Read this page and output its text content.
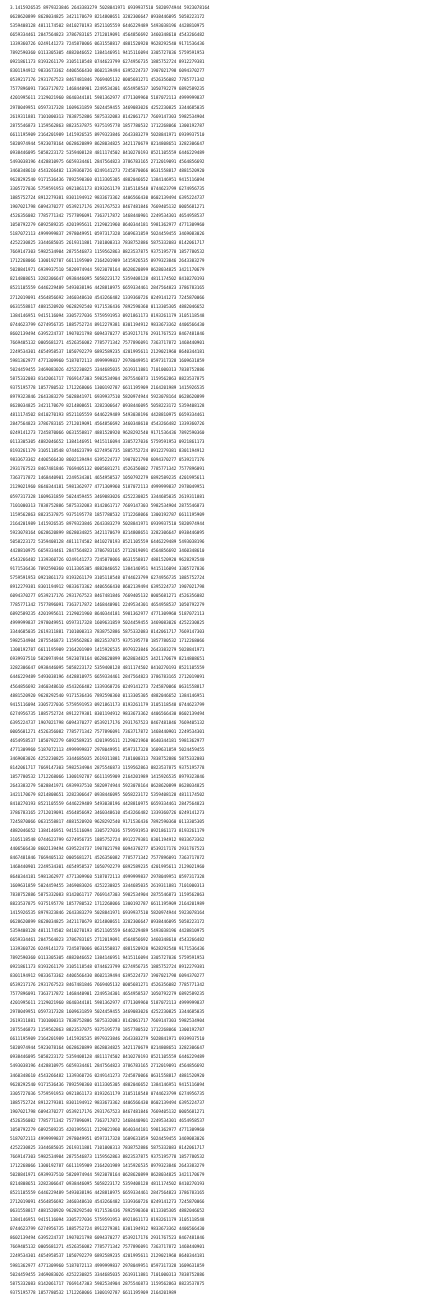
3.1415926535 8979323846 2643383279 5028841971 6939937510 5820974944 5923078164
0628620899 8628034825 3421170679 8214808651 3282306647 0938446095 5058223172
5359408128 4811174502 8410270193 8521105559 6446229489 5493038196 4428810975
6659334461 2847564823 3786783165 2712019091 4564856692 3460348610 4543266482
1339360726 0249141273 7245870066 0631558817 4881520920 9628292540 9171536436
7892590360 0113305305 4882046652 1384146951 9415116094 3305727036 5759591953
0921861173 8193261179 3105118548 0744623799 6274956735 1885752724 8912279381
8301194912 9833673362 4406566430 8602139494 6395224737 1907021798 6094370277
0539217176 2931767523 8467481846 7669405132 0005681271 4526356082 7785771342
7577896091 7363717872 1468440901 2249534301 4654958537 1050792279 6892589235
4201995611 2129021960 8640344181 5981362977 4771309960 5187072113 4999999837
2978049951 0597317328 1609631859 5024459455 3469083026 4252230825 3344685035
2619311881 7101000313 7838752886 5875332083 8142061717 7669147303 5982534904
2875546873 1159562863 8823537875 9375195778 1857780532 1712268066 1300192787
6611195909 2164201989 1415926535 8979323846 2643383279 5028841971 6939937510
5820974944 5923078164 0628620899 8628034825 3421170679 8214808651 3282306647
0938446095 5058223172 5359408128 4811174502 8410270193 8521105559 6446229489
5493038196 4428810975 6659334461 2847564823 3786783165 2712019091 4564856692
3460348610 4543266482 1339360726 0249141273 7245870066 0631558817 4881520920
9628292540 9171536436 7892590360 0113305305 4882046652 1384146951 9415116094
3305727036 5759591953 0921861173 8193261179 3105118548 0744623799 6274956735
1885752724 8912279381 8301194912 9833673362 4406566430 8602139494 6395224737
1907021798 6094370277 0539217176 2931767523 8467481846 7669405132 0005681271
4526356082 7785771342 7577896091 7363717872 1468440901 2249534301 4654958537
1050792279 6892589235 4201995611 2129021960 8640344181 5981362977 4771309960
5187072113 4999999837 2978049951 0597317328 1609631859 5024459455 3469083026
4252230825 3344685035 2619311881 7101000313 7838752886 5875332083 8142061717
7669147303 5982534904 2875546873 1159562863 8823537875 9375195778 1857780532
1712268066 1300192787 6611195909 2164201989 1415926535 8979323846 2643383279
5028841971 6939937510 5820974944 5923078164 0628620899 8628034825 3421170679
8214808651 3282306647 0938446095 5058223172 5359408128 4811174502 8410270193
8521105559 6446229489 5493038196 4428810975 6659334461 2847564823 3786783165
2712019091 4564856692 3460348610 4543266482 1339360726 0249141273 7245870066
0631558817 4881520920 9628292540 9171536436 7892590360 0113305305 4882046652
1384146951 9415116094 3305727036 5759591953 0921861173 8193261179 3105118548
0744623799 6274956735 1885752724 8912279381 8301194912 9833673362 4406566430
8602139494 6395224737 1907021798 6094370277 0539217176 2931767523 8467481846
7669405132 0005681271 4526356082 7785771342 7577896091 7363717872 1468440901
2249534301 4654958537 1050792279 6892589235 4201995611 2129021960 8640344181
5981362977 4771309960 5187072113 4999999837 2978049951 0597317328 1609631859
5024459455 3469083026 4252230825 3344685035 2619311881 7101000313 7838752886
5875332083 8142061717 7669147303 5982534904 2875546873 1159562863 8823537875
9375195778 1857780532 1712268066 1300192787 6611195909 2164201989 1415926535
8979323846 2643383279 5028841971 6939937510 5820974944 5923078164 0628620899
8628034825 3421170679 8214808651 3282306647 0938446095 5058223172 5359408128
4811174502 8410270193 8521105559 6446229489 5493038196 4428810975 6659334461
2847564823 3786783165 2712019091 4564856692 3460348610 4543266482 1339360726
0249141273 7245870066 0631558817 4881520920 9628292540 9171536436 7892590360
0113305305 4882046652 1384146951 9415116094 3305727036 5759591953 0921861173
8193261179 3105118548 0744623799 6274956735 1885752724 8912279381 8301194912
9833673362 4406566430 8602139494 6395224737 1907021798 6094370277 0539217176
2931767523 8467481846 7669405132 0005681271 4526356082 7785771342 7577896091
7363717872 1468440901 2249534301 4654958537 1050792279 6892589235 4201995611
2129021960 8640344181 5981362977 4771309960 5187072113 4999999837 2978049951
0597317328 1609631859 5024459455 3469083026 4252230825 3344685035 2619311881
7101000313 7838752886 5875332083 8142061717 7669147303 5982534904 2875546873
1159562863 8823537875 9375195778 1857780532 1712268066 1300192787 6611195909
2164201989 1415926535 8979323846 2643383279 5028841971 6939937510 5820974944
5923078164 0628620899 8628034825 3421170679 8214808651 3282306647 0938446095
5058223172 5359408128 4811174502 8410270193 8521105559 6446229489 5493038196
4428810975 6659334461 2847564823 3786783165 2712019091 4564856692 3460348610
4543266482 1339360726 0249141273 7245870066 0631558817 4881520920 9628292540
9171536436 7892590360 0113305305 4882046652 1384146951 9415116094 3305727036
5759591953 0921861173 8193261179 3105118548 0744623799 6274956735 1885752724
8912279381 8301194912 9833673362 4406566430 8602139494 6395224737 1907021798
6094370277 0539217176 2931767523 8467481846 7669405132 0005681271 4526356082
7785771342 7577896091 7363717872 1468440901 2249534301 4654958537 1050792279
6892589235 4201995611 2129021960 8640344181 5981362977 4771309960 5187072113
4999999837 2978049951 0597317328 1609631859 5024459455 3469083026 4252230825
3344685035 2619311881 7101000313 7838752886 5875332083 8142061717 7669147303
5982534904 2875546873 1159562863 8823537875 9375195778 1857780532 1712268066
1300192787 6611195909 2164201989 1415926535 8979323846 2643383279 5028841971
6939937510 5820974944 5923078164 0628620899 8628034825 3421170679 8214808651
3282306647 0938446095 5058223172 5359408128 4811174502 8410270193 8521105559
6446229489 5493038196 4428810975 6659334461 2847564823 3786783165 2712019091
4564856692 3460348610 4543266482 1339360726 0249141273 7245870066 0631558817
4881520920 9628292540 9171536436 7892590360 0113305305 4882046652 1384146951
9415116094 3305727036 5759591953 0921861173 8193261179 3105118548 0744623799
6274956735 1885752724 8912279381 8301194912 9833673362 4406566430 8602139494
6395224737 1907021798 6094370277 0539217176 2931767523 8467481846 7669405132
0005681271 4526356082 7785771342 7577896091 7363717872 1468440901 2249534301
4654958537 1050792279 6892589235 4201995611 2129021960 8640344181 5981362977
4771309960 5187072113 4999999837 2978049951 0597317328 1609631859 5024459455
3469083026 4252230825 3344685035 2619311881 7101000313 7838752886 5875332083
8142061717 7669147303 5982534904 2875546873 1159562863 8823537875 9375195778
1857780532 1712268066 1300192787 6611195909 2164201989 1415926535 8979323846
2643383279 5028841971 6939937510 5820974944 5923078164 0628620899 8628034825
3421170679 8214808651 3282306647 0938446095 5058223172 5359408128 4811174502
8410270193 8521105559 6446229489 5493038196 4428810975 6659334461 2847564823
3786783165 2712019091 4564856692 3460348610 4543266482 1339360726 0249141273
7245870066 0631558817 4881520920 9628292540 9171536436 7892590360 0113305305
4882046652 1384146951 9415116094 3305727036 5759591953 0921861173 8193261179
3105118548 0744623799 6274956735 1885752724 8912279381 8301194912 9833673362
4406566430 8602139494 6395224737 1907021798 6094370277 0539217176 2931767523
8467481846 7669405132 0005681271 4526356082 7785771342 7577896091 7363717872
1468440901 2249534301 4654958537 1050792279 6892589235 4201995611 2129021960
8640344181 5981362977 4771309960 5187072113 4999999837 2978049951 0597317328
1609631859 5024459455 3469083026 4252230825 3344685035 2619311881 7101000313
7838752886 5875332083 8142061717 7669147303 5982534904 2875546873 1159562863
8823537875 9375195778 1857780532 1712268066 1300192787 6611195909 2164201989
1415926535 8979323846 2643383279 5028841971 6939937510 5820974944 5923078164
0628620899 8628034825 3421170679 8214808651 3282306647 0938446095 5058223172
5359408128 4811174502 8410270193 8521105559 6446229489 5493038196 4428810975
6659334461 2847564823 3786783165 2712019091 4564856692 3460348610 4543266482
1339360726 0249141273 7245870066 0631558817 4881520920 9628292540 9171536436
7892590360 0113305305 4882046652 1384146951 9415116094 3305727036 5759591953
0921861173 8193261179 3105118548 0744623799 6274956735 1885752724 8912279381
8301194912 9833673362 4406566430 8602139494 6395224737 1907021798 6094370277
0539217176 2931767523 8467481846 7669405132 0005681271 4526356082 7785771342
7577896091 7363717872 1468440901 2249534301 4654958537 1050792279 6892589235
4201995611 2129021960 8640344181 5981362977 4771309960 5187072113 4999999837
2978049951 0597317328 1609631859 5024459455 3469083026 4252230825 3344685035
2619311881 7101000313 7838752886 5875332083 8142061717 7669147303 5982534904
2875546873 1159562863 8823537875 9375195778 1857780532 1712268066 1300192787
6611195909 2164201989 1415926535 8979323846 2643383279 5028841971 6939937510
5820974944 5923078164 0628620899 8628034825 3421170679 8214808651 3282306647
0938446095 5058223172 5359408128 4811174502 8410270193 8521105559 6446229489
5493038196 4428810975 6659334461 2847564823 3786783165 2712019091 4564856692
3460348610 4543266482 1339360726 0249141273 7245870066 0631558817 4881520920
9628292540 9171536436 7892590360 0113305305 4882046652 1384146951 9415116094
3305727036 5759591953 0921861173 8193261179 3105118548 0744623799 6274956735
1885752724 8912279381 8301194912 9833673362 4406566430 8602139494 6395224737
1907021798 6094370277 0539217176 2931767523 8467481846 7669405132 0005681271
4526356082 7785771342 7577896091 7363717872 1468440901 2249534301 4654958537
1050792279 6892589235 4201995611 2129021960 8640344181 5981362977 4771309960
5187072113 4999999837 2978049951 0597317328 1609631859 5024459455 3469083026
4252230825 3344685035 2619311881 7101000313 7838752886 5875332083 8142061717
7669147303 5982534904 2875546873 1159562863 8823537875 9375195778 1857780532
1712268066 1300192787 6611195909 2164201989 1415926535 8979323846 2643383279
5028841971 6939937510 5820974944 5923078164 0628620899 8628034825 3421170679
8214808651 3282306647 0938446095 5058223172 5359408128 4811174502 8410270193
8521105559 6446229489 5493038196 4428810975 6659334461 2847564823 3786783165
2712019091 4564856692 3460348610 4543266482 1339360726 0249141273 7245870066
0631558817 4881520920 9628292540 9171536436 7892590360 0113305305 4882046652
1384146951 9415116094 3305727036 5759591953 0921861173 8193261179 3105118548
0744623799 6274956735 1885752724 8912279381 8301194912 9833673362 4406566430
8602139494 6395224737 1907021798 6094370277 0539217176 2931767523 8467481846
7669405132 0005681271 4526356082 7785771342 7577896091 7363717872 1468440901
2249534301 4654958537 1050792279 6892589235 4201995611 2129021960 8640344181
5981362977 4771309960 5187072113 4999999837 2978049951 0597317328 1609631859
5024459455 3469083026 4252230825 3344685035 2619311881 7101000313 7838752886
5875332083 8142061717 7669147303 5982534904 2875546873 1159562863 8823537875
9375195778 1857780532 1712268066 1300192787 6611195909 2164201989
